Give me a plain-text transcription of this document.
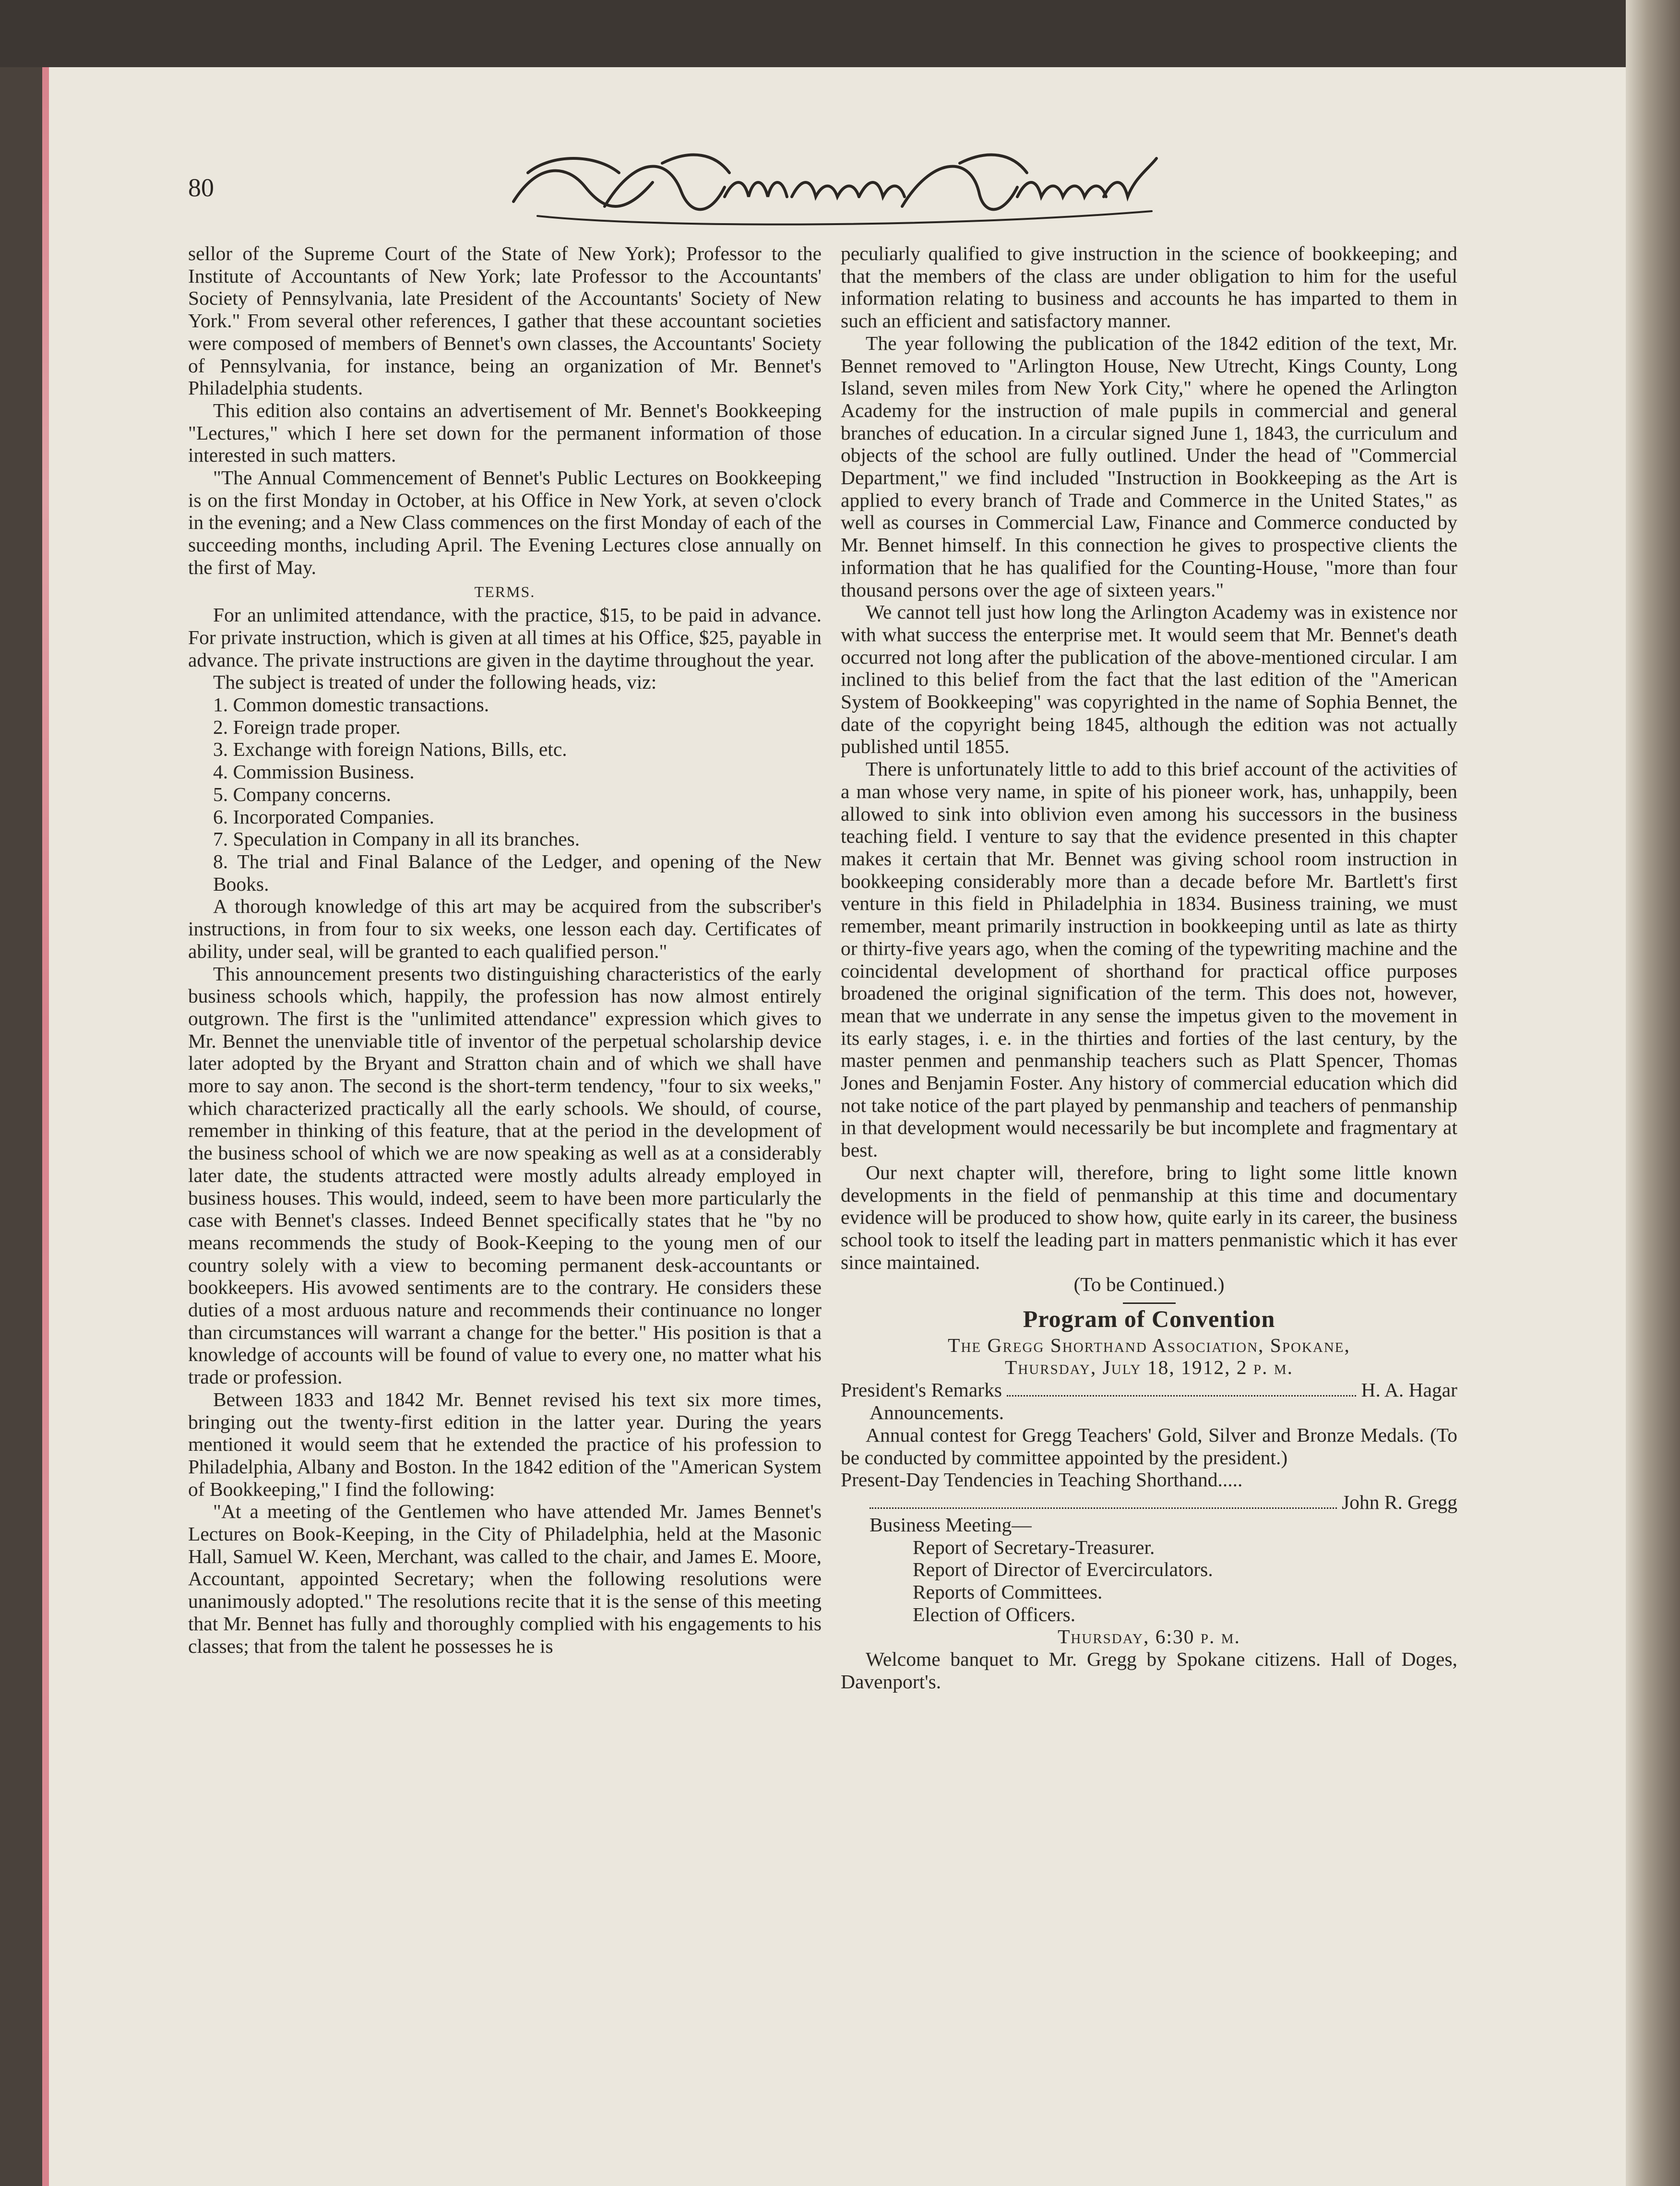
80

sellor of the Supreme Court of the State of New York); Professor to the Institute of Accountants of New York; late Professor to the Accountants' Society of Pennsylvania, late President of the Accountants' Society of New York." From several other references, I gather that these accountant societies were composed of members of Bennet's own classes, the Accountants' Society of Pennsylvania, for instance, being an organization of Mr. Bennet's Philadelphia students.

This edition also contains an advertisement of Mr. Bennet's Bookkeeping "Lectures," which I here set down for the permanent information of those interested in such matters.

"The Annual Commencement of Bennet's Public Lectures on Bookkeeping is on the first Monday in October, at his Office in New York, at seven o'clock in the evening; and a New Class commences on the first Monday of each of the succeeding months, including April. The Evening Lectures close annually on the first of May.

TERMS.

For an unlimited attendance, with the practice, $15, to be paid in advance. For private instruction, which is given at all times at his Office, $25, payable in advance. The private instructions are given in the daytime throughout the year.

The subject is treated of under the following heads, viz:

1. Common domestic transactions.
2. Foreign trade proper.
3. Exchange with foreign Nations, Bills, etc.
4. Commission Business.
5. Company concerns.
6. Incorporated Companies.
7. Speculation in Company in all its branches.
8. The trial and Final Balance of the Ledger, and opening of the New Books.

A thorough knowledge of this art may be acquired from the subscriber's instructions, in from four to six weeks, one lesson each day. Certificates of ability, under seal, will be granted to each qualified person."

This announcement presents two distinguishing characteristics of the early business schools which, happily, the profession has now almost entirely outgrown. The first is the "unlimited attendance" expression which gives to Mr. Bennet the unenviable title of inventor of the perpetual scholarship device later adopted by the Bryant and Stratton chain and of which we shall have more to say anon. The second is the short-term tendency, "four to six weeks," which characterized practically all the early schools. We should, of course, remember in thinking of this feature, that at the period in the development of the business school of which we are now speaking as well as at a considerably later date, the students attracted were mostly adults already employed in business houses. This would, indeed, seem to have been more particularly the case with Bennet's classes. Indeed Bennet specifically states that he "by no means recommends the study of Book-Keeping to the young men of our country solely with a view to becoming permanent desk-accountants or bookkeepers. His avowed sentiments are to the contrary. He considers these duties of a most arduous nature and recommends their continuance no longer than circumstances will warrant a change for the better." His position is that a knowledge of accounts will be found of value to every one, no matter what his trade or profession.

Between 1833 and 1842 Mr. Bennet revised his text six more times, bringing out the twenty-first edition in the latter year. During the years mentioned it would seem that he extended the practice of his profession to Philadelphia, Albany and Boston. In the 1842 edition of the "American System of Bookkeeping," I find the following:

"At a meeting of the Gentlemen who have attended Mr. James Bennet's Lectures on Book-Keeping, in the City of Philadelphia, held at the Masonic Hall, Samuel W. Keen, Merchant, was called to the chair, and James E. Moore, Accountant, appointed Secretary; when the following resolutions were unanimously adopted." The resolutions recite that it is the sense of this meeting that Mr. Bennet has fully and thoroughly complied with his engagements to his classes; that from the talent he possesses he is

peculiarly qualified to give instruction in the science of bookkeeping; and that the members of the class are under obligation to him for the useful information relating to business and accounts he has imparted to them in such an efficient and satisfactory manner.

The year following the publication of the 1842 edition of the text, Mr. Bennet removed to "Arlington House, New Utrecht, Kings County, Long Island, seven miles from New York City," where he opened the Arlington Academy for the instruction of male pupils in commercial and general branches of education. In a circular signed June 1, 1843, the curriculum and objects of the school are fully outlined. Under the head of "Commercial Department," we find included "Instruction in Bookkeeping as the Art is applied to every branch of Trade and Commerce in the United States," as well as courses in Commercial Law, Finance and Commerce conducted by Mr. Bennet himself. In this connection he gives to prospective clients the information that he has qualified for the Counting-House, "more than four thousand persons over the age of sixteen years."

We cannot tell just how long the Arlington Academy was in existence nor with what success the enterprise met. It would seem that Mr. Bennet's death occurred not long after the publication of the above-mentioned circular. I am inclined to this belief from the fact that the last edition of the "American System of Bookkeeping" was copyrighted in the name of Sophia Bennet, the date of the copyright being 1845, although the edition was not actually published until 1855.

There is unfortunately little to add to this brief account of the activities of a man whose very name, in spite of his pioneer work, has, unhappily, been allowed to sink into oblivion even among his successors in the business teaching field. I venture to say that the evidence presented in this chapter makes it certain that Mr. Bennet was giving school room instruction in bookkeeping considerably more than a decade before Mr. Bartlett's first venture in this field in Philadelphia in 1834. Business training, we must remember, meant primarily instruction in bookkeeping until as late as thirty or thirty-five years ago, when the coming of the typewriting machine and the coincidental development of shorthand for practical office purposes broadened the original signification of the term. This does not, however, mean that we underrate in any sense the impetus given to the movement in its early stages, i. e. in the thirties and forties of the last century, by the master penmen and penmanship teachers such as Platt Spencer, Thomas Jones and Benjamin Foster. Any history of commercial education which did not take notice of the part played by penmanship and teachers of penmanship in that development would necessarily be but incomplete and fragmentary at best.

Our next chapter will, therefore, bring to light some little known developments in the field of penmanship at this time and documentary evidence will be produced to show how, quite early in its career, the business school took to itself the leading part in matters penmanistic which it has ever since maintained.

(To be Continued.)

Program of Convention
The Gregg Shorthand Association, Spokane,
Thursday, July 18, 1912, 2 p. m.
President's Remarks	H. A. Hagar
Announcements.

Annual contest for Gregg Teachers' Gold, Silver and Bronze Medals. (To be conducted by committee appointed by the president.)

Present-Day Tendencies in Teaching Shorthand.....
John R. Gregg
Business Meeting—
Report of Secretary-Treasurer.
Report of Director of Evercirculators.
Reports of Committees.
Election of Officers.
Thursday, 6:30 p. m.

Welcome banquet to Mr. Gregg by Spokane citizens. Hall of Doges, Davenport's.
